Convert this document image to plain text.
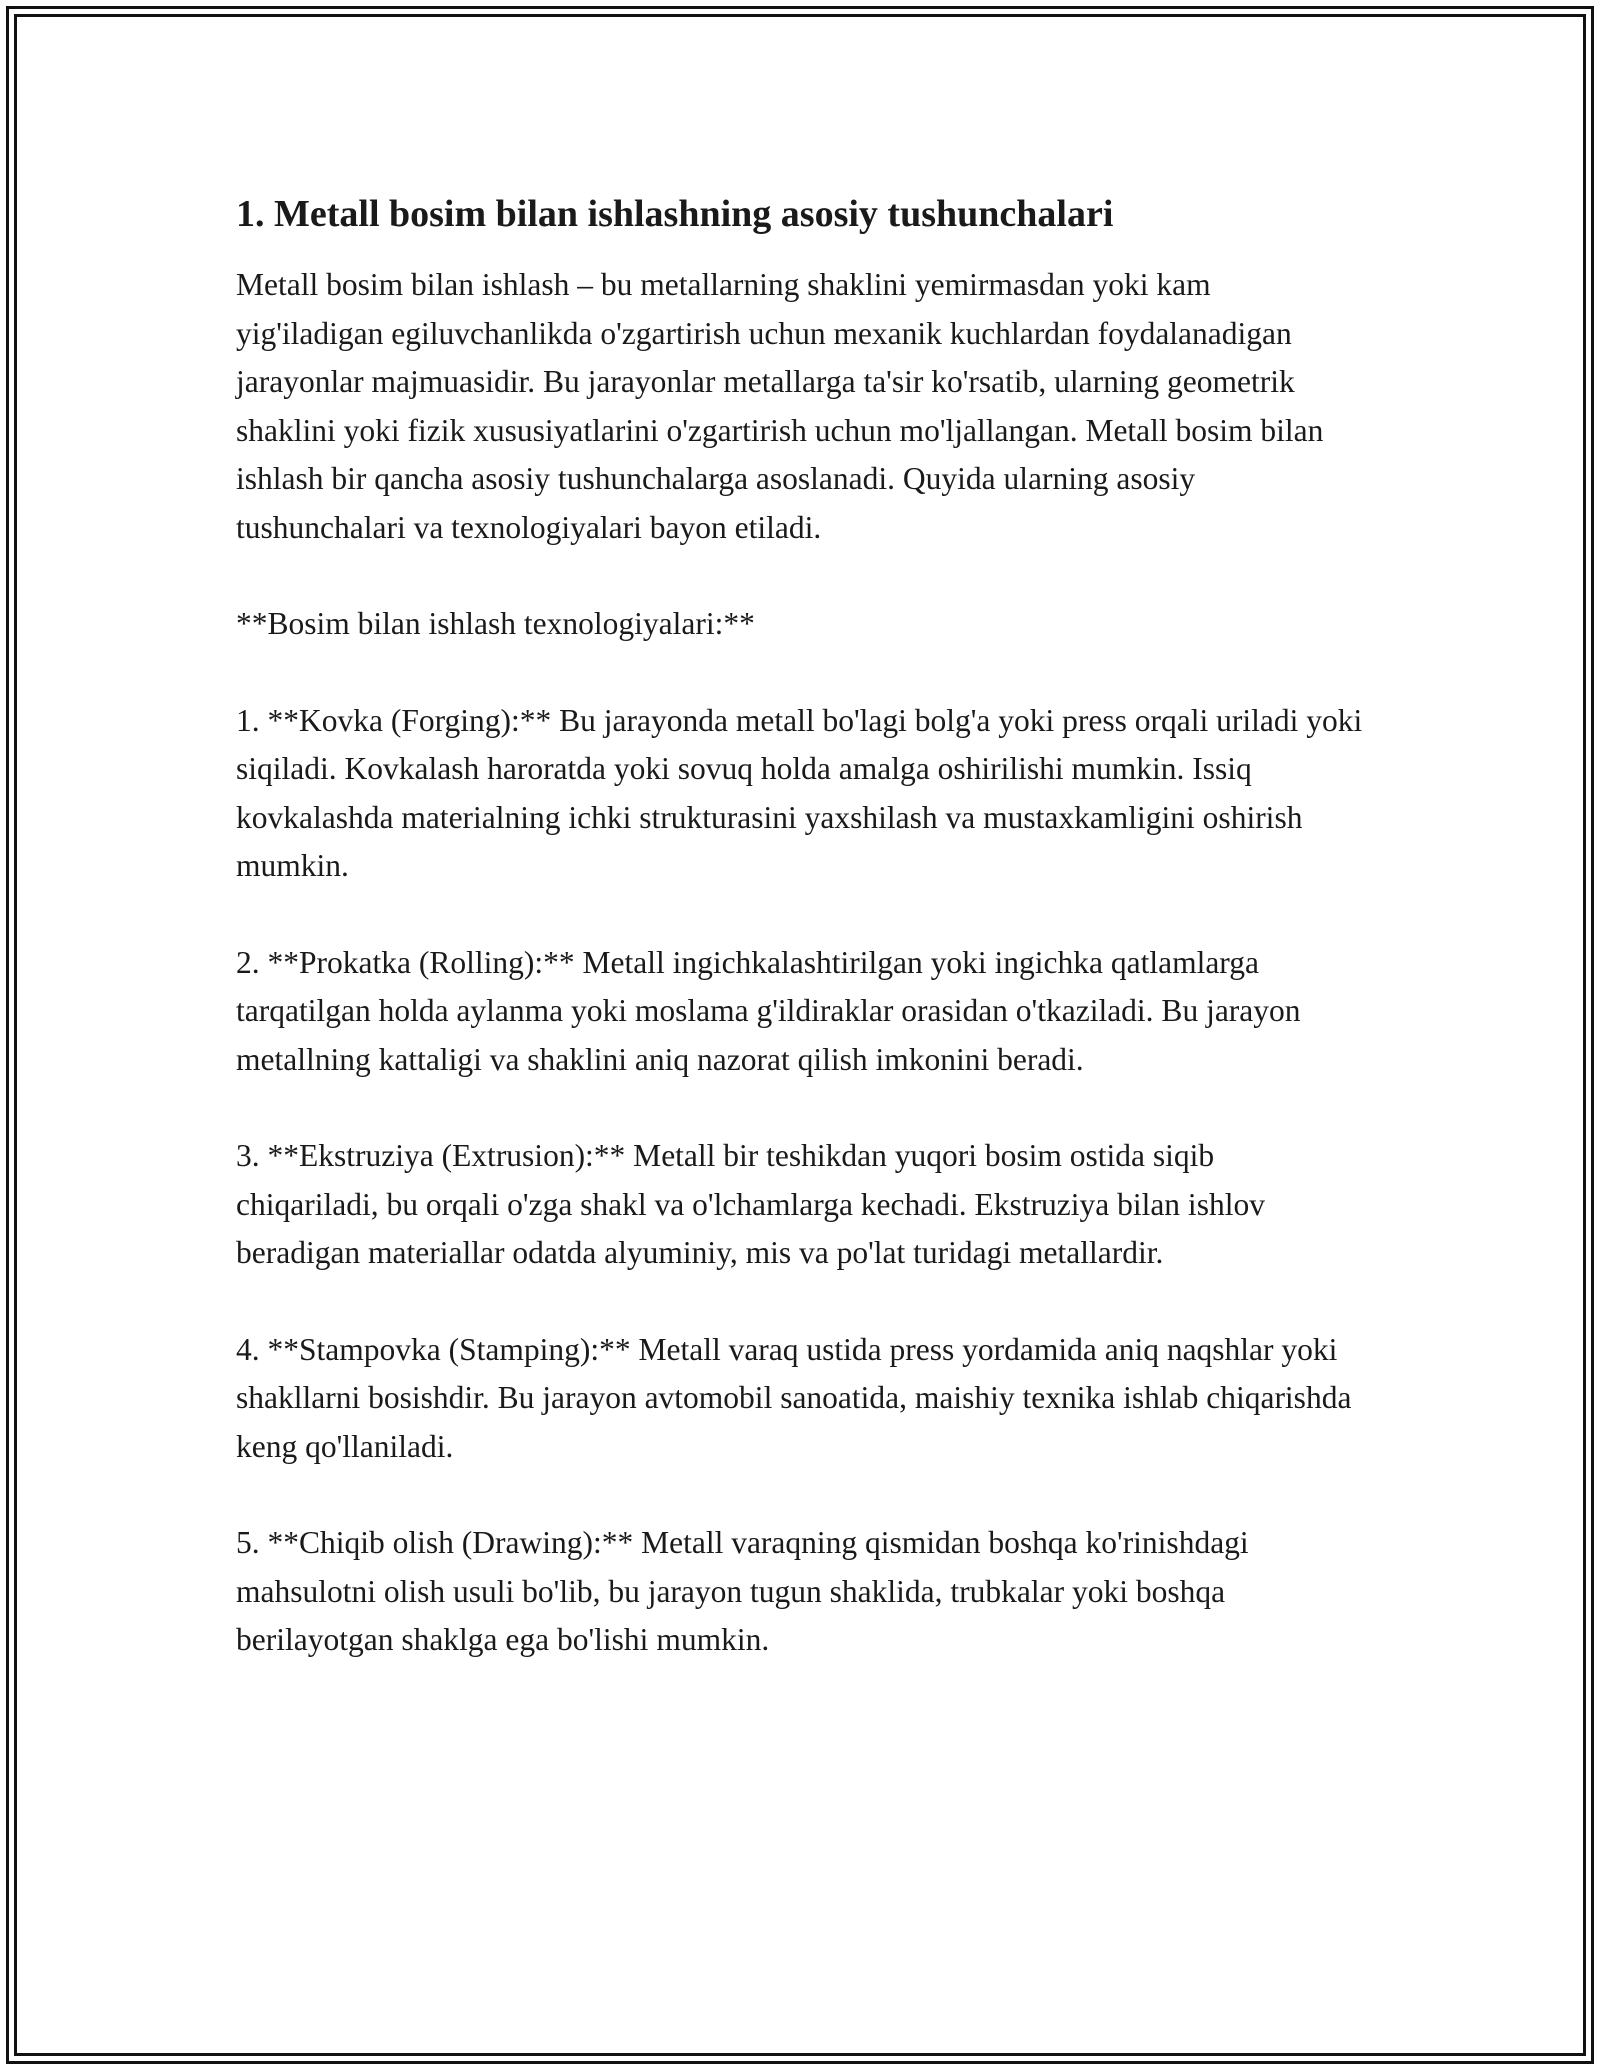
1. Metall bosim bilan ishlashning asosiy tushunchalari

Metall bosim bilan ishlash – bu metallarning shaklini yemirmasdan yoki kam yig'iladigan egiluvchanlikda o'zgartirish uchun mexanik kuchlardan foydalanadigan jarayonlar majmuasidir. Bu jarayonlar metallarga ta'sir ko'rsatib, ularning geometrik shaklini yoki fizik xususiyatlarini o'zgartirish uchun mo'ljallangan. Metall bosim bilan ishlash bir qancha asosiy tushunchalarga asoslanadi. Quyida ularning asosiy tushunchalari va texnologiyalari bayon etiladi.

**Bosim bilan ishlash texnologiyalari:**

1. **Kovka (Forging):** Bu jarayonda metall bo'lagi bolg'a yoki press orqali uriladi yoki siqiladi. Kovkalash haroratda yoki sovuq holda amalga oshirilishi mumkin. Issiq kovkalashda materialning ichki strukturasini yaxshilash va mustaxkamligini oshirish mumkin.

2. **Prokatka (Rolling):** Metall ingichkalashtirilgan yoki ingichka qatlamlarga tarqatilgan holda aylanma yoki moslama g'ildiraklar orasidan o'tkaziladi. Bu jarayon metallning kattaligi va shaklini aniq nazorat qilish imkonini beradi.

3. **Ekstruziya (Extrusion):** Metall bir teshikdan yuqori bosim ostida siqib chiqariladi, bu orqali o'zga shakl va o'lchamlarga kechadi. Ekstruziya bilan ishlov beradigan materiallar odatda alyuminiy, mis va po'lat turidagi metallardir.

4. **Stampovka (Stamping):** Metall varaq ustida press yordamida aniq naqshlar yoki shakllarni bosishdir. Bu jarayon avtomobil sanoatida, maishiy texnika ishlab chiqarishda keng qo'llaniladi.

5. **Chiqib olish (Drawing):** Metall varaqning qismidan boshqa ko'rinishdagi mahsulotni olish usuli bo'lib, bu jarayon tugun shaklida, trubkalar yoki boshqa berilayotgan shaklga ega bo'lishi mumkin.
